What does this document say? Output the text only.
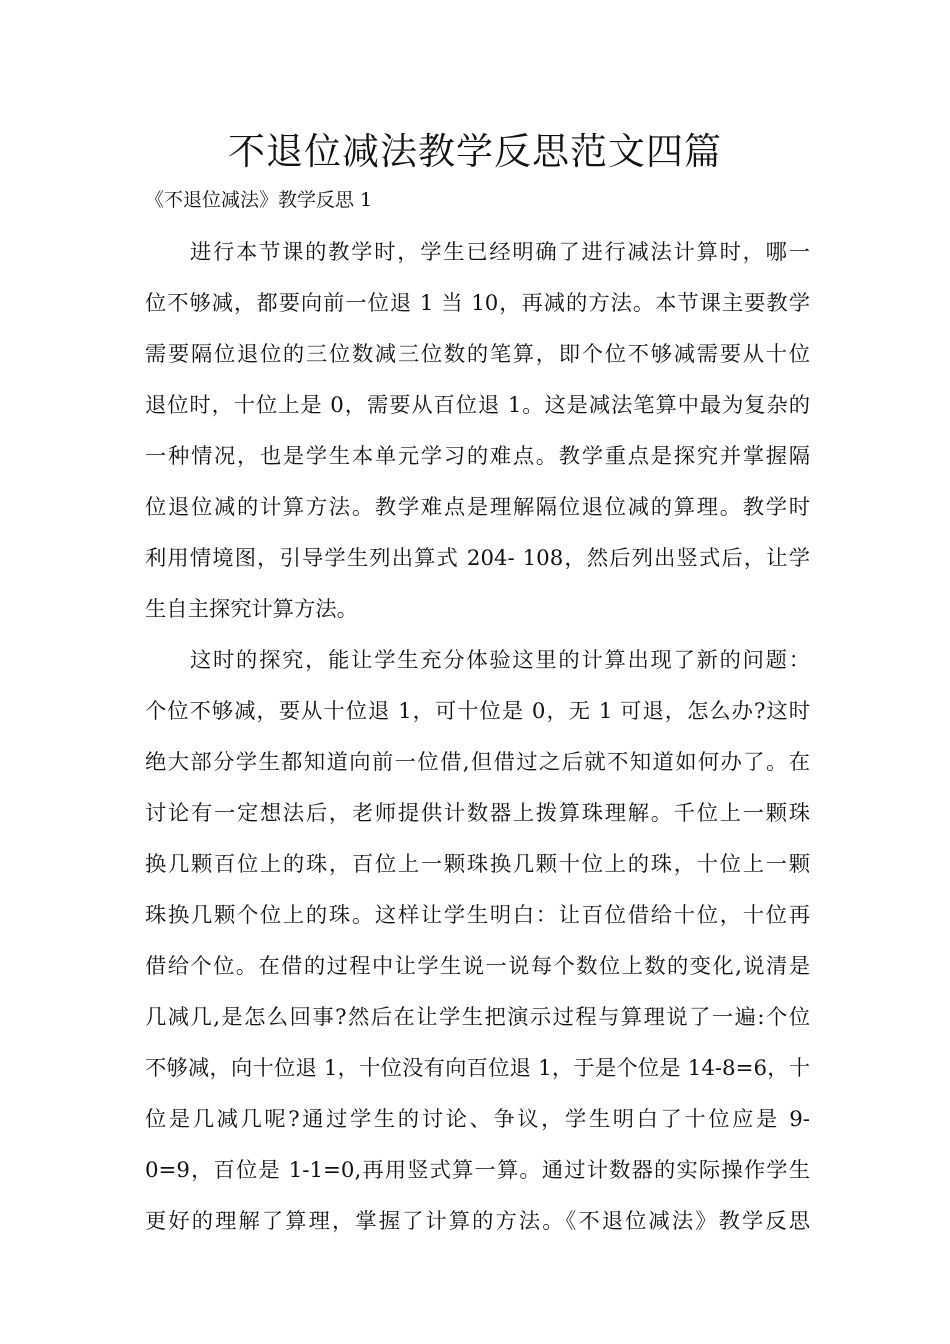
不退位减法教学反思范文四篇
《不退位减法》教学反思 1
进行本节课的教学时，学生已经明确了进行减法计算时，哪一
位不够减，都要向前一位退 1 当 10，再减的方法。本节课主要教学
需要隔位退位的三位数减三位数的笔算，即个位不够减需要从十位
退位时，十位上是 0，需要从百位退 1。这是减法笔算中最为复杂的
一种情况，也是学生本单元学习的难点。教学重点是探究并掌握隔
位退位减的计算方法。教学难点是理解隔位退位减的算理。教学时
利用情境图，引导学生列出算式 204- 108，然后列出竖式后，让学
生自主探究计算方法。
这时的探究，能让学生充分体验这里的计算出现了新的问题：
个位不够减，要从十位退 1，可十位是 0，无 1 可退，怎么办?这时
绝大部分学生都知道向前一位借,但借过之后就不知道如何办了。在
讨论有一定想法后，老师提供计数器上拨算珠理解。千位上一颗珠
换几颗百位上的珠，百位上一颗珠换几颗十位上的珠，十位上一颗
珠换几颗个位上的珠。这样让学生明白：让百位借给十位，十位再
借给个位。在借的过程中让学生说一说每个数位上数的变化,说清是
几减几,是怎么回事?然后在让学生把演示过程与算理说了一遍:个位
不够减，向十位退 1，十位没有向百位退 1，于是个位是 14-8=6，十
位是几减几呢?通过学生的讨论、争议，学生明白了十位应是 9-
0=9，百位是 1-1=0,再用竖式算一算。通过计数器的实际操作学生
更好的理解了算理，掌握了计算的方法。《不退位减法》教学反思
